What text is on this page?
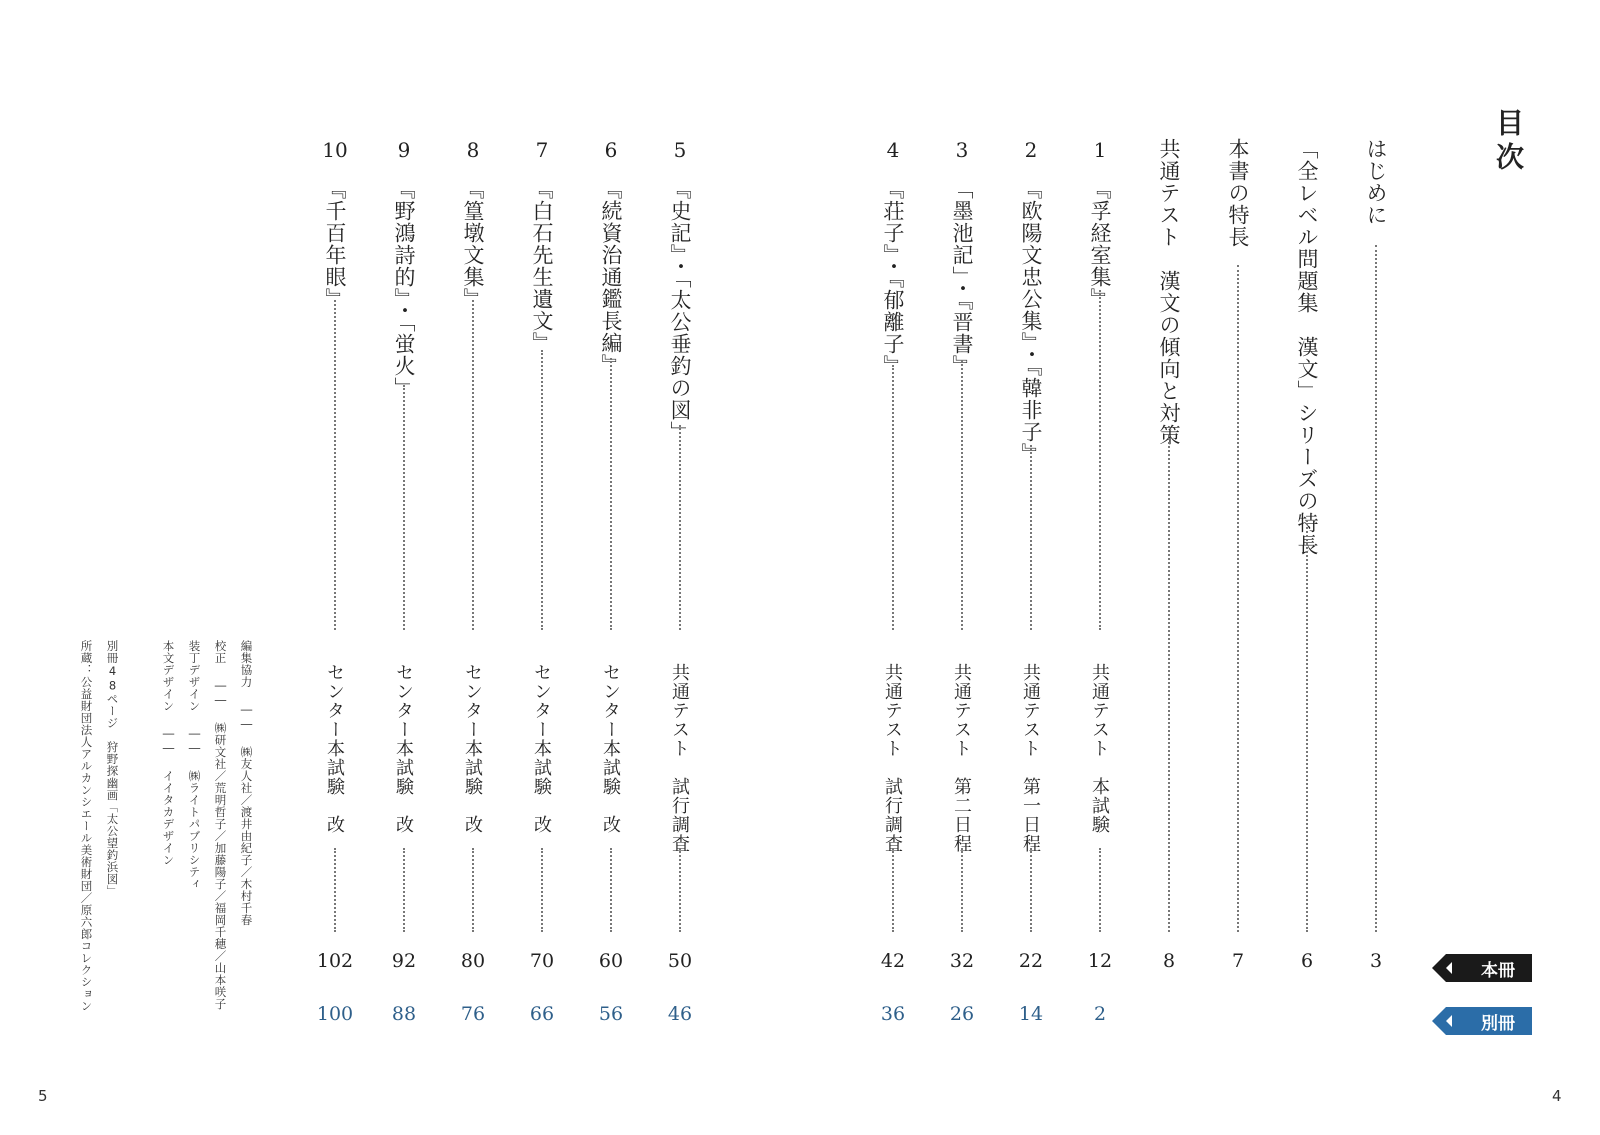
目次
はじめに
3
「全レベル問題集　漢文」シリーズの特長
6
本書の特長
7
共通テスト　漢文の傾向と対策
8
1
『孚経室集』
共通テスト　本試験
12
2
2
『欧陽文忠公集』・『韓非子』
共通テスト　第一日程
22
14
3
「墨池記」・『晋書』
共通テスト　第二日程
32
26
4
『荘子』・『郁離子』
共通テスト　試行調査
42
36
5
『史記』・「太公垂釣の図」
共通テスト　試行調査
50
46
6
『続資治通鑑長編』
センター本試験　改
60
56
7
『白石先生遺文』
センター本試験　改
70
66
8
『篁墩文集』
センター本試験　改
80
76
9
『野鴻詩的』・「蛍火」
センター本試験　改
92
88
10
『千百年眼』
センター本試験　改
102
100
本冊
別冊
編集協力 ―― ㈱友人社／渡井由紀子／木村千春
校正 ―― ㈱研文社／荒明哲子／加藤陽子／福岡千穂／山本咲子
装丁デザイン ―― ㈱ライトパブリシティ
本文デザイン ―― イイタカデザイン
別冊48ページ　狩野探幽画「太公望釣浜図」
所蔵：公益財団法人アルカンシエール美術財団／原六郎コレクション
5	4
